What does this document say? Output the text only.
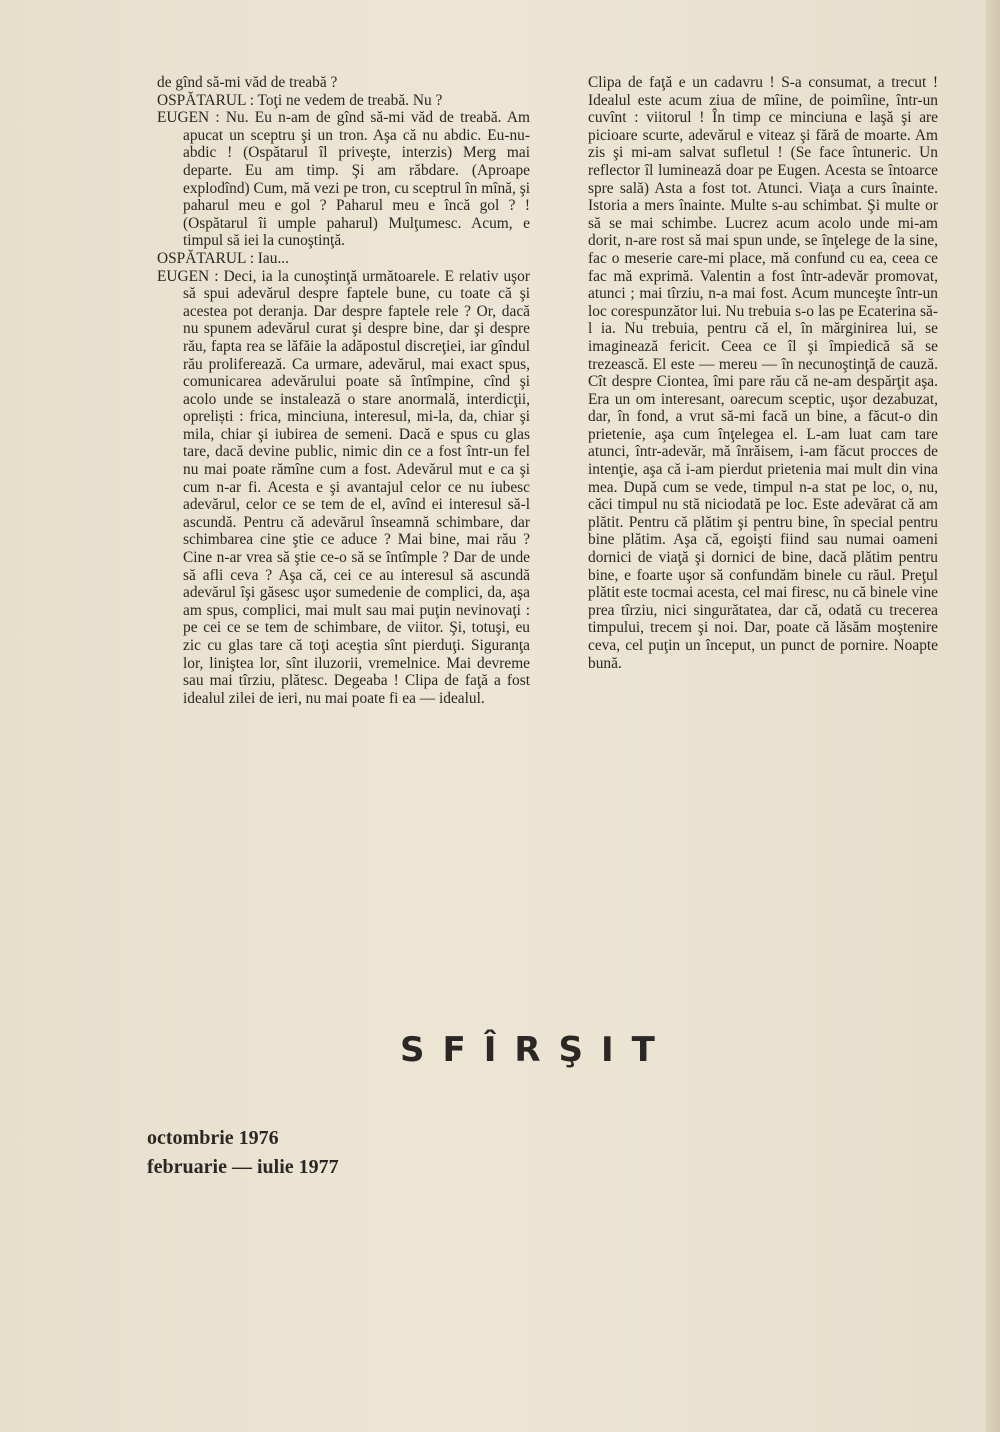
de gînd să-mi văd de treabă ?

OSPĂTARUL : Toţi ne vedem de treabă. Nu ?

EUGEN : Nu. Eu n-am de gînd să-mi văd de treabă. Am apucat un sceptru şi un tron. Aşa că nu abdic. Eu-nu-abdic ! (Ospătarul îl priveşte, interzis) Merg mai departe. Eu am timp. Şi am răbdare. (Aproape explodînd) Cum, mă vezi pe tron, cu sceptrul în mînă, şi paharul meu e gol ? Paharul meu e încă gol ? ! (Ospătarul îi umple paharul) Mulţumesc. Acum, e timpul să iei la cunoştinţă.

OSPĂTARUL : Iau...

EUGEN : Deci, ia la cunoştinţă următoarele. E relativ uşor să spui adevărul despre faptele bune, cu toate că şi acestea pot deranja. Dar despre faptele rele ? Or, dacă nu spunem adevărul curat şi despre bine, dar şi despre rău, fapta rea se lăfăie la adăpostul discreţiei, iar gîndul rău proliferează. Ca urmare, adevărul, mai exact spus, comunicarea adevărului poate să întîmpine, cînd şi acolo unde se instalează o stare anormală, interdicţii, opreliști : frica, minciuna, interesul, mi-la, da, chiar şi mila, chiar şi iubirea de semeni. Dacă e spus cu glas tare, dacă devine public, nimic din ce a fost într-un fel nu mai poate rămîne cum a fost. Adevărul mut e ca şi cum n-ar fi. Acesta e şi avantajul celor ce nu iubesc adevărul, celor ce se tem de el, avînd ei interesul să-l ascundă. Pentru că adevărul înseamnă schimbare, dar schimbarea cine ştie ce aduce ? Mai bine, mai rău ? Cine n-ar vrea să ştie ce-o să se întîmple ? Dar de unde să afli ceva ? Aşa că, cei ce au interesul să ascundă adevărul îşi găsesc uşor sumedenie de complici, da, aşa am spus, complici, mai mult sau mai puţin nevinovaţi : pe cei ce se tem de schimbare, de viitor. Şi, totuşi, eu zic cu glas tare că toţi aceştia sînt pierduţi. Siguranţa lor, liniştea lor, sînt iluzorii, vremelnice. Mai devreme sau mai tîrziu, plătesc. Degeaba ! Clipa de faţă a fost idealul zilei de ieri, nu mai poate fi ea — idealul.

Clipa de faţă e un cadavru ! S-a consumat, a trecut ! Idealul este acum ziua de mîine, de poimîine, într-un cuvînt : viitorul ! În timp ce minciuna e laşă şi are picioare scurte, adevărul e viteaz şi fără de moarte. Am zis şi mi-am salvat sufletul ! (Se face întuneric. Un reflector îl luminează doar pe Eugen. Acesta se întoarce spre sală) Asta a fost tot. Atunci. Viaţa a curs înainte. Istoria a mers înainte. Multe s-au schimbat. Şi multe or să se mai schimbe. Lucrez acum acolo unde mi-am dorit, n-are rost să mai spun unde, se înţelege de la sine, fac o meserie care-mi place, mă confund cu ea, ceea ce fac mă exprimă. Valentin a fost într-adevăr promovat, atunci ; mai tîrziu, n-a mai fost. Acum munceşte într-un loc corespunzător lui. Nu trebuia s-o las pe Ecaterina să-l ia. Nu trebuia, pentru că el, în mărginirea lui, se imaginează fericit. Ceea ce îl şi împiedică să se trezească. El este — mereu — în necunoştinţă de cauză. Cît despre Ciontea, îmi pare rău că ne-am despărţit aşa. Era un om interesant, oarecum sceptic, uşor dezabuzat, dar, în fond, a vrut să-mi facă un bine, a făcut-o din prietenie, aşa cum înţelegea el. L-am luat cam tare atunci, într-adevăr, mă înrăisem, i-am făcut procces de intenţie, aşa că i-am pierdut prietenia mai mult din vina mea. După cum se vede, timpul n-a stat pe loc, o, nu, căci timpul nu stă niciodată pe loc. Este adevărat că am plătit. Pentru că plătim şi pentru bine, în special pentru bine plătim. Aşa că, egoişti fiind sau numai oameni dornici de viaţă şi dornici de bine, dacă plătim pentru bine, e foarte uşor să confundăm binele cu răul. Preţul plătit este tocmai acesta, cel mai firesc, nu că binele vine prea tîrziu, nici singurătatea, dar că, odată cu trecerea timpului, trecem şi noi. Dar, poate că lăsăm moştenire ceva, cel puţin un început, un punct de pornire. Noapte bună.

SFÎRŞIT
octombrie 1976
februarie — iulie 1977
